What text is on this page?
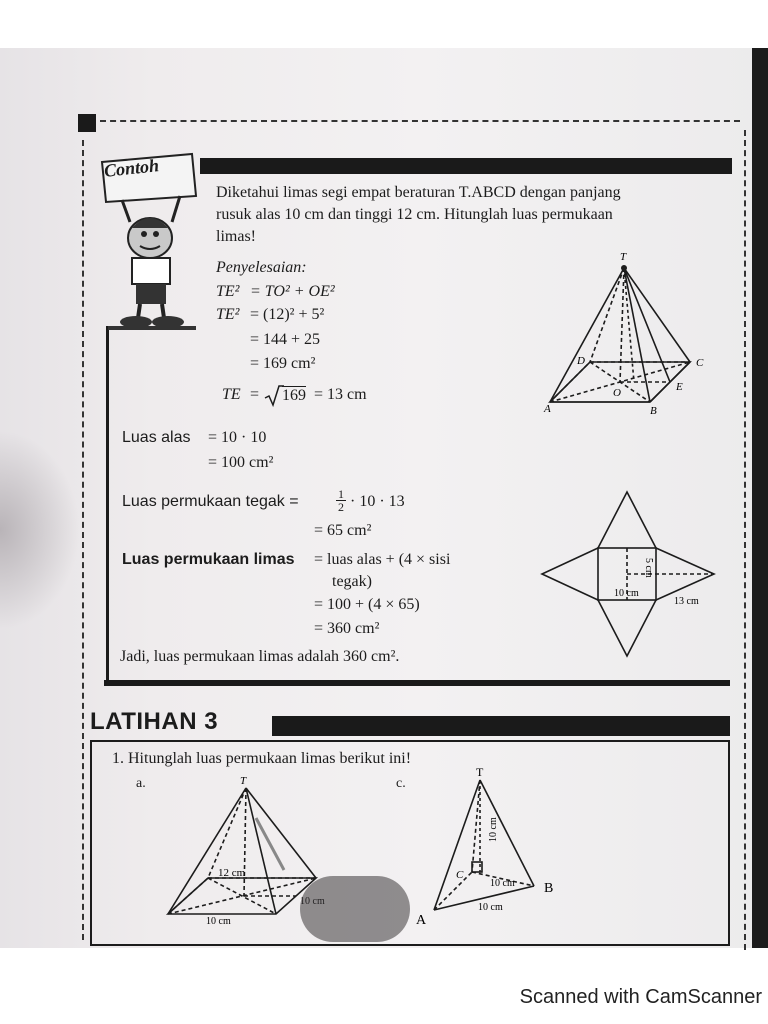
Contoh
Diketahui limas segi empat beraturan T.ABCD dengan panjang
rusuk alas 10 cm dan tinggi 12 cm. Hitunglah luas permukaan
limas!
Penyelesaian:
TE² = TO² + OE²
TE² = (12)² + 5²
= 144 + 25
= 169 cm²
TE = 169 = 13 cm
T
D	C
O	E
A	B
Luas alas = 10 · 10
= 100 cm²
Luas permukaan tegak =	$\frac{1}{2} \cdot 10 \cdot 13$
= 65 cm²
Luas permukaan limas = luas alas + (4 × sisi
tegak)
= 100 + (4 × 65)
= 360 cm²
5 cm
10 cm
13 cm
Jadi, luas permukaan limas adalah 360 cm².
LATIHAN 3
1. Hitunglah luas permukaan limas berikut ini!
a.	c.
T
12 cm
10 cm
T
10 cm
C
B
A
10 cm
10 cm
Scanned with CamScanner
